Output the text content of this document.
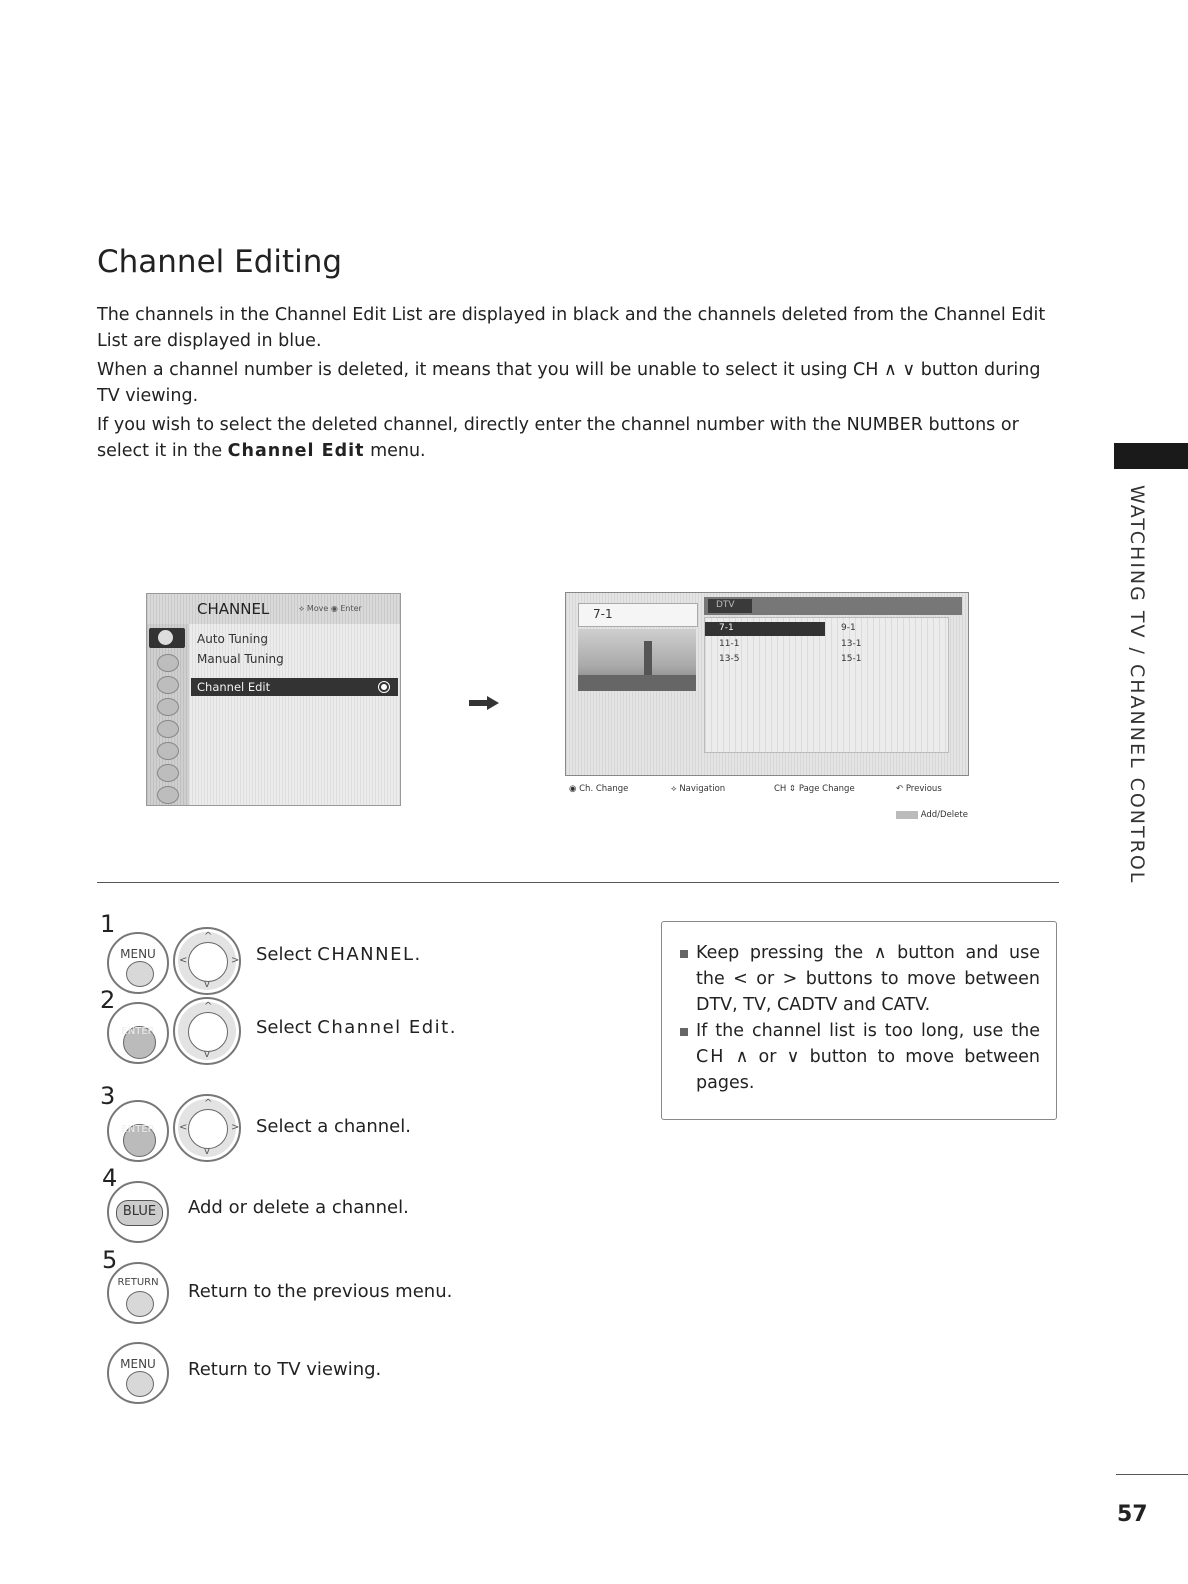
Channel Editing

The channels in the Channel Edit List are displayed in black and the channels deleted from the Channel Edit List are displayed in blue.

When a channel number is deleted, it means that you will be unable to select it using CH ∧ ∨ button during TV viewing.

If you wish to select the deleted channel, directly enter the channel number with the NUMBER buttons or select it in the Channel Edit menu.

WATCHING TV / CHANNEL CONTROL
CHANNEL	⟡ Move ◉ Enter
Auto Tuning
Manual Tuning
Channel Edit
7-1
DTV
7-1	9-1
11-1	13-1
13-5	15-1
◉ Ch. Change	⟡ Navigation	CH ⇕ Page Change	↶ Previous
Add/Delete
1
MENU
^
<	>
v
Select CHANNEL.
2
ENTER
^
v
Select Channel Edit.
3
ENTER
^
<	>
v
Select a channel.
4
BLUE	Add or delete a channel.
5
RETURN	Return to the previous menu.
MENU	Return to TV viewing.
Keep pressing the ∧ button and use the < or > buttons to move between DTV, TV, CADTV and CATV.
If the channel list is too long, use the CH ∧ or ∨ button to move between pages.
57
